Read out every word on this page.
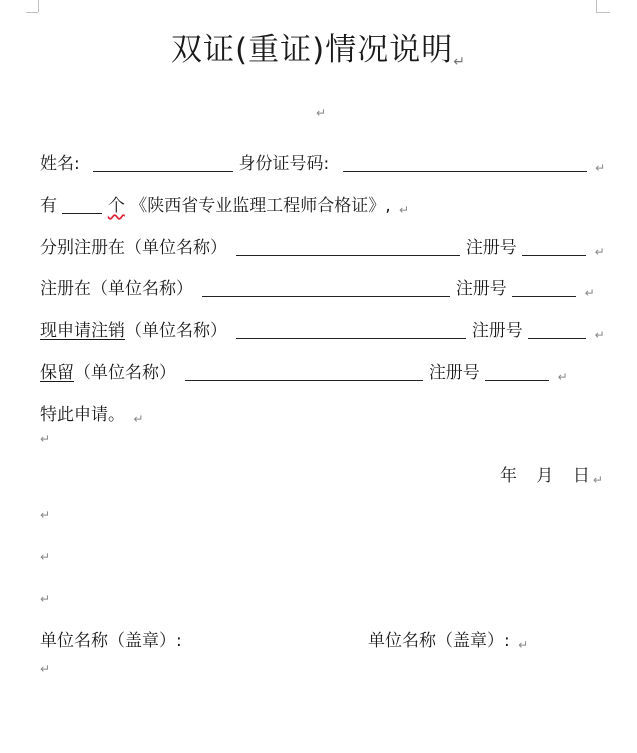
双证(重证)情况说明↵
↵
姓名:	身份证号码:	↵
有	个 《陕西省专业监理工程师合格证》, ↵
分别注册在（单位名称）	注册号	↵
注册在（单位名称）	注册号	↵
现申请注销（单位名称）	注册号	↵
保留（单位名称）	注册号	↵
特此申请。 ↵
↵
年 月 日 ↵
↵
↵
↵
单位名称（盖章）:	单位名称（盖章）: ↵
↵
